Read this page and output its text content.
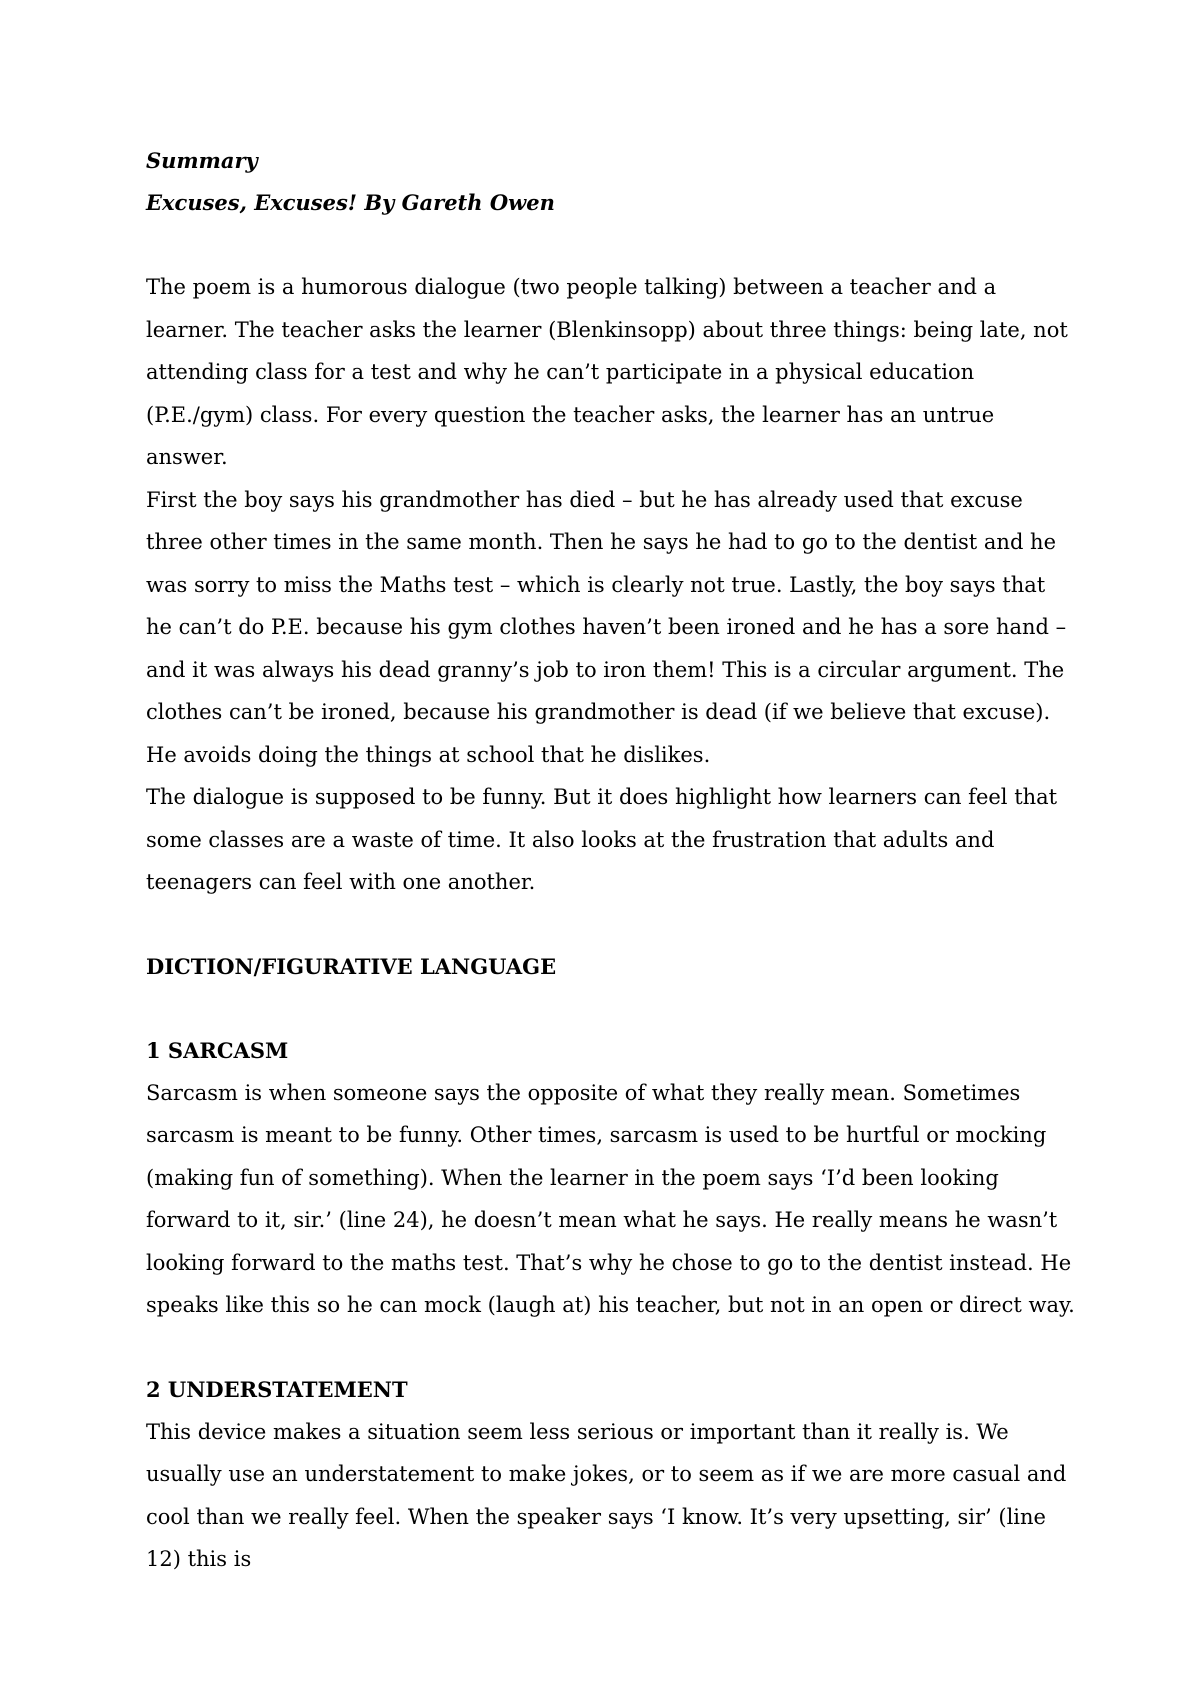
Summary

Excuses, Excuses! By Gareth Owen

The poem is a humorous dialogue (two people talking) between a teacher and a learner. The teacher asks the learner (Blenkinsopp) about three things: being late, not attending class for a test and why he can’t participate in a physical education (P.E./gym) class. For every question the teacher asks, the learner has an untrue answer.

First the boy says his grandmother has died – but he has already used that excuse three other times in the same month. Then he says he had to go to the dentist and he was sorry to miss the Maths test – which is clearly not true. Lastly, the boy says that he can’t do P.E. because his gym clothes haven’t been ironed and he has a sore hand – and it was always his dead granny’s job to iron them! This is a circular argument. The clothes can’t be ironed, because his grandmother is dead (if we believe that excuse). He avoids doing the things at school that he dislikes.

The dialogue is supposed to be funny. But it does highlight how learners can feel that some classes are a waste of time. It also looks at the frustration that adults and teenagers can feel with one another.

DICTION/FIGURATIVE LANGUAGE

1 SARCASM

Sarcasm is when someone says the opposite of what they really mean. Sometimes sarcasm is meant to be funny. Other times, sarcasm is used to be hurtful or mocking (making fun of something). When the learner in the poem says ‘I’d been looking forward to it, sir.’ (line 24), he doesn’t mean what he says. He really means he wasn’t looking forward to the maths test. That’s why he chose to go to the dentist instead. He speaks like this so he can mock (laugh at) his teacher, but not in an open or direct way.

2 UNDERSTATEMENT

This device makes a situation seem less serious or important than it really is. We usually use an understatement to make jokes, or to seem as if we are more casual and cool than we really feel. When the speaker says ‘I know. It’s very upsetting, sir’ (line 12) this is
